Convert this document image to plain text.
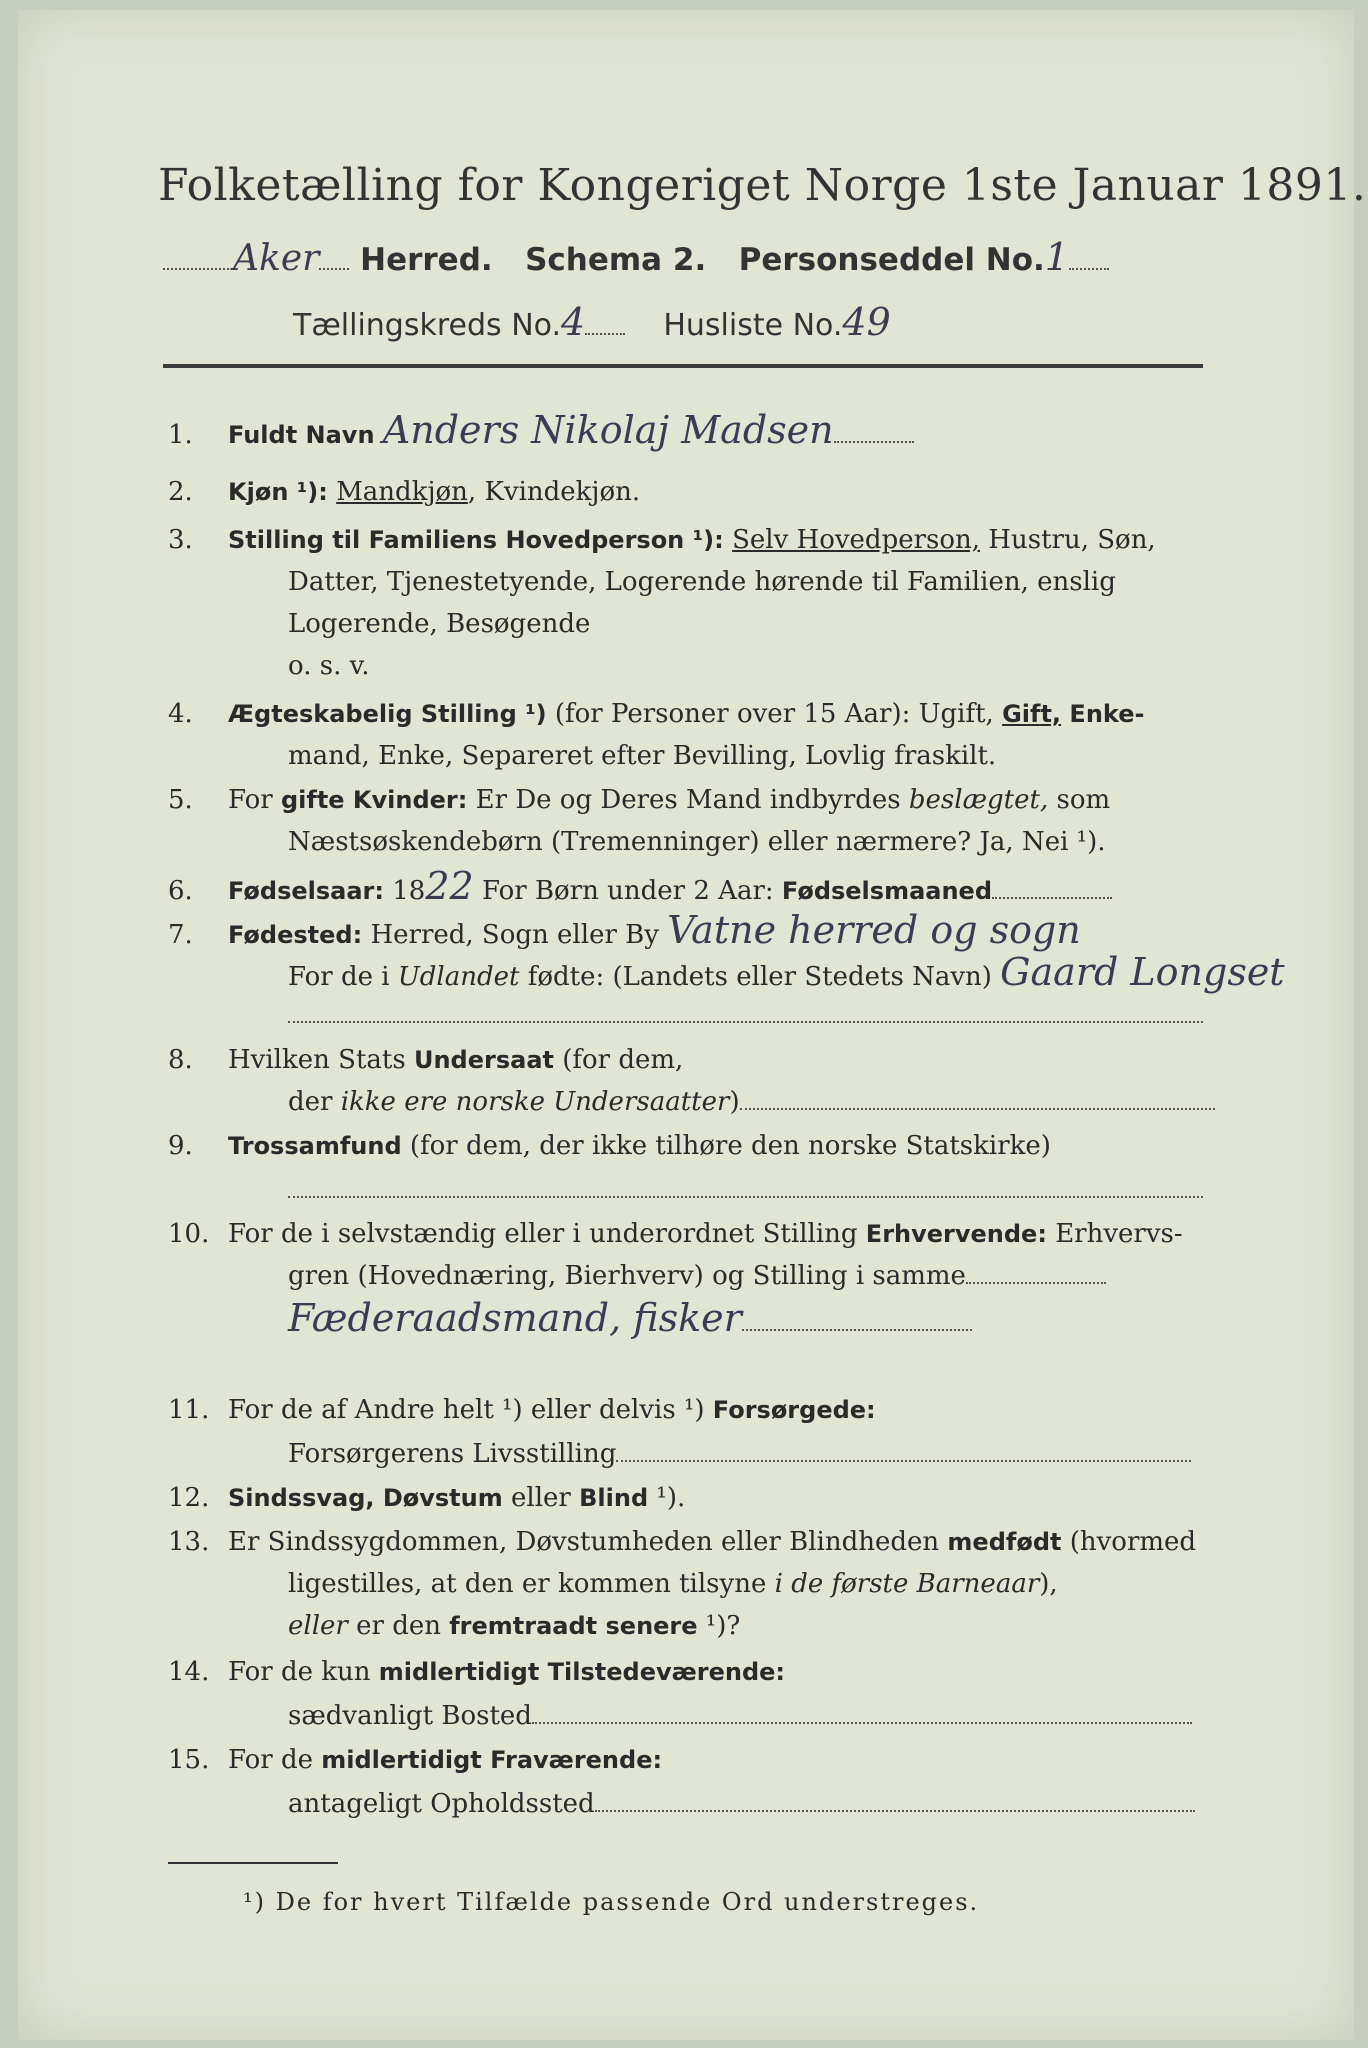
Folketælling for Kongeriget Norge 1ste Januar 1891.
Aker Herred. Schema 2. Personseddel No.1
Tællingskreds No.4	Husliste No.49
1. Fuldt Navn Anders Nikolaj Madsen
2. Kjøn ¹): Mandkjøn, Kvindekjøn.
3. Stilling til Familiens Hovedperson ¹): Selv Hovedperson, Hustru, Søn,
Datter, Tjenestetyende, Logerende hørende til Familien, enslig
Logerende, Besøgende
o. s. v.
4. Ægteskabelig Stilling ¹) (for Personer over 15 Aar): Ugift, Gift, Enke-
mand, Enke, Separeret efter Bevilling, Lovlig fraskilt.
5. For gifte Kvinder: Er De og Deres Mand indbyrdes beslægtet, som
Næstsøskendebørn (Tremenninger) eller nærmere? Ja, Nei ¹).
6. Fødselsaar: 1822 For Børn under 2 Aar: Fødselsmaaned
7. Fødested: Herred, Sogn eller By Vatne herred og sogn
For de i Udlandet fødte: (Landets eller Stedets Navn) Gaard Longset
8. Hvilken Stats Undersaat (for dem,
der ikke ere norske Undersaatter)
9. Trossamfund (for dem, der ikke tilhøre den norske Statskirke)
10. For de i selvstændig eller i underordnet Stilling Erhvervende: Erhvervs-
gren (Hovednæring, Bierhverv) og Stilling i samme
Fæderaadsmand, fisker
11. For de af Andre helt ¹) eller delvis ¹) Forsørgede:
Forsørgerens Livsstilling
12. Sindssvag, Døvstum eller Blind ¹).
13. Er Sindssygdommen, Døvstumheden eller Blindheden medfødt (hvormed
ligestilles, at den er kommen tilsyne i de første Barneaar),
eller er den fremtraadt senere ¹)?
14. For de kun midlertidigt Tilstedeværende:
sædvanligt Bosted
15. For de midlertidigt Fraværende:
antageligt Opholdssted
¹) De for hvert Tilfælde passende Ord understreges.
